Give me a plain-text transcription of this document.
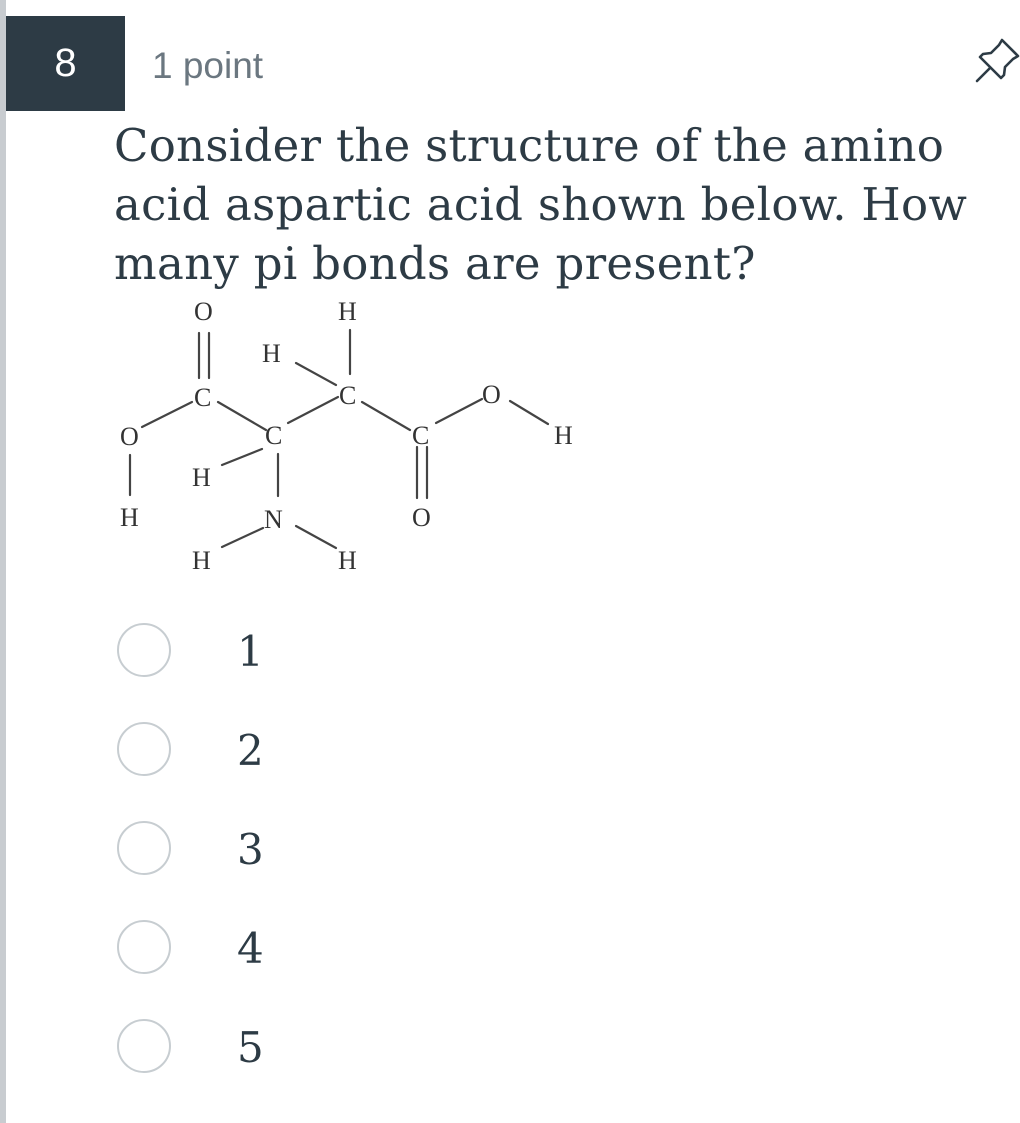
8	1 point
Consider the structure of the amino acid aspartic acid shown below. How many pi bonds are present?
O	H
H
C	C	O
O	C	C	H
H
H	N	O
H	H
1
2
3
4
5
